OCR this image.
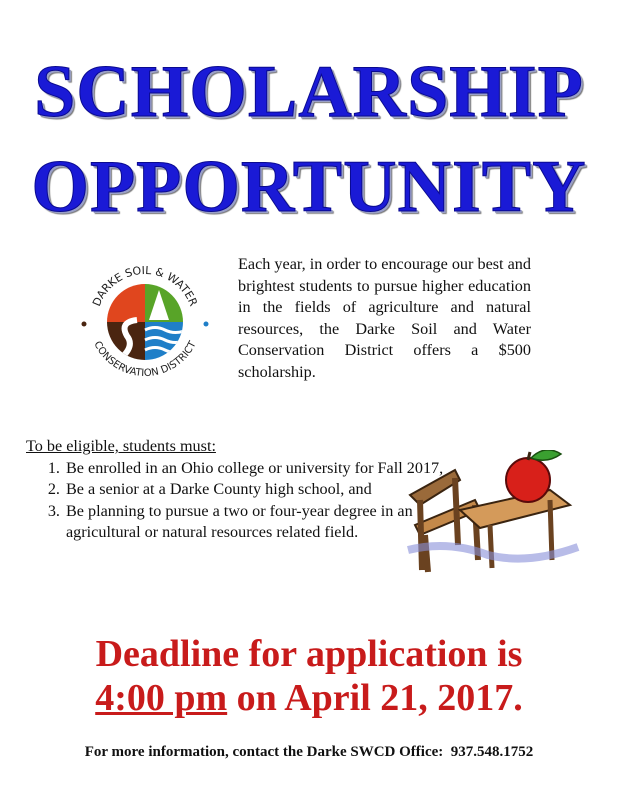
SCHOLARSHIP
OPPORTUNITY
DARKE SOIL & WATER
CONSERVATION DISTRICT
Each year, in order to encourage our best and brightest students to pursue higher education in the fields of agriculture and natural resources, the Darke Soil and Water Conservation District offers a $500 scholarship.
To be eligible, students must:
1. Be enrolled in an Ohio college or university for Fall 2017,
2. Be a senior at a Darke County high school, and
3. Be planning to pursue a two or four-year degree in an agricultural or natural resources related field.
Deadline for application is
4:00 pm on April 21, 2017.
For more information, contact the Darke SWCD Office:  937.548.1752
